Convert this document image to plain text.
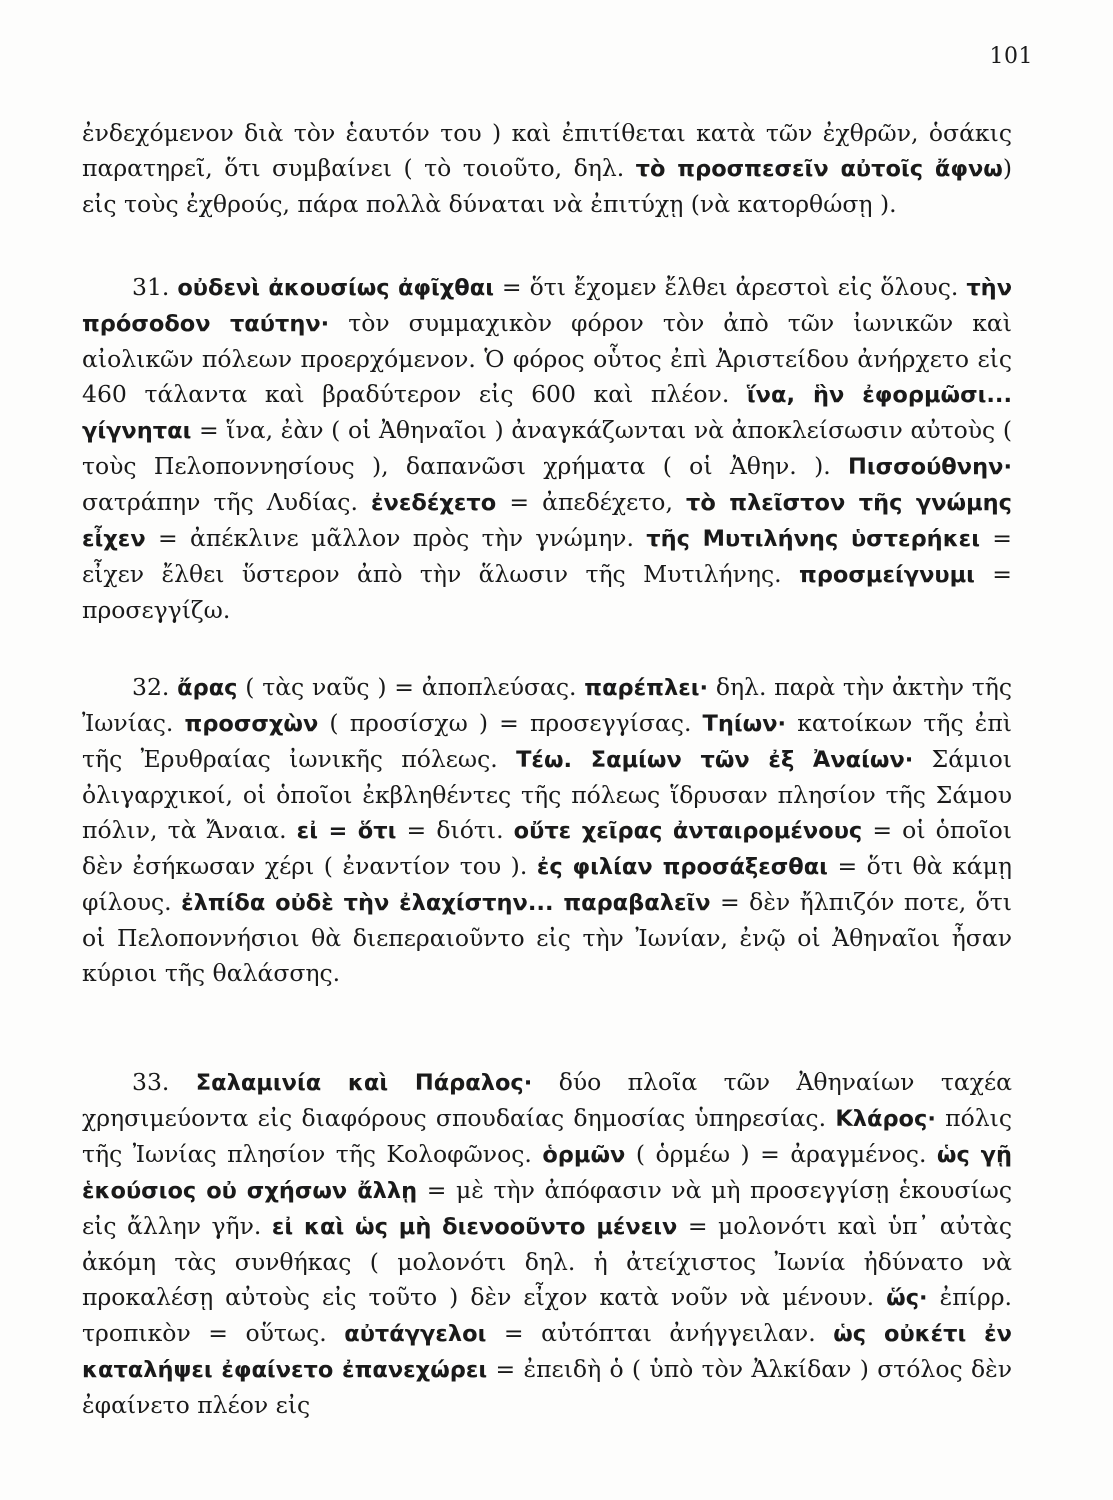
101

ἐνδεχόμενον διὰ τὸν ἑαυτόν του ) καὶ ἐπιτίθεται κατὰ τῶν ἐχθρῶν, ὁσάκις παρατηρεῖ, ὅτι συμβαίνει ( τὸ τοιοῦτο, δηλ. τὸ προσπεσεῖν αὐτοῖς ἄφνω) εἰς τοὺς ἐχθρούς, πάρα πολλὰ δύναται νὰ ἐπιτύχῃ (νὰ κατορθώσῃ ).

31. οὐδενὶ ἀκουσίως ἀφῖχθαι = ὅτι ἔχομεν ἔλθει ἀρεστοὶ εἰς ὅλους. τὴν πρόσοδον ταύτην· τὸν συμμαχικὸν φόρον τὸν ἀπὸ τῶν ἰωνικῶν καὶ αἰολικῶν πόλεων προερχόμενον. Ὁ φόρος οὗτος ἐπὶ Ἀριστείδου ἀνήρχετο εἰς 460 τάλαντα καὶ βραδύτερον εἰς 600 καὶ πλέον. ἵνα, ἣν ἐφορμῶσι... γίγνηται = ἵνα, ἐὰν ( οἱ Ἀθηναῖοι ) ἀναγκάζωνται νὰ ἀποκλείσωσιν αὐτοὺς ( τοὺς Πελοποννησίους ), δαπανῶσι χρήματα ( οἱ Ἀθην. ). Πισσούθνην· σατράπην τῆς Λυδίας. ἐνεδέχετο = ἀπεδέχετο, τὸ πλεῖστον τῆς γνώμης εἶχεν = ἀπέκλινε μᾶλλον πρὸς τὴν γνώμην. τῆς Μυτιλήνης ὑστερήκει = εἶχεν ἔλθει ὕστερον ἀπὸ τὴν ἅλωσιν τῆς Μυτιλήνης. προσμείγνυμι = προσεγγίζω.

32. ἄρας ( τὰς ναῦς ) = ἀποπλεύσας. παρέπλει· δηλ. παρὰ τὴν ἀκτὴν τῆς Ἰωνίας. προσσχὼν ( προσίσχω ) = προσεγγίσας. Τηίων· κατοίκων τῆς ἐπὶ τῆς Ἐρυθραίας ἰωνικῆς πόλεως. Τέω. Σαμίων τῶν ἐξ Ἀναίων· Σάμιοι ὀλιγαρχικοί, οἱ ὁποῖοι ἐκβληθέντες τῆς πόλεως ἵδρυσαν πλησίον τῆς Σάμου πόλιν, τὰ Ἄναια. εἰ = ὅτι = διότι. οὔτε χεῖρας ἀνταιρομένους = οἱ ὁποῖοι δὲν ἐσήκωσαν χέρι ( ἐναντίον του ). ἐς φιλίαν προσάξεσθαι = ὅτι θὰ κάμῃ φίλους. ἐλπίδα οὐδὲ τὴν ἐλαχίστην... παραβαλεῖν = δὲν ἤλπιζόν ποτε, ὅτι οἱ Πελοποννήσιοι θὰ διεπεραιοῦντο εἰς τὴν Ἰωνίαν, ἐνῷ οἱ Ἀθηναῖοι ἦσαν κύριοι τῆς θαλάσσης.

33. Σαλαμινία καὶ Πάραλος· δύο πλοῖα τῶν Ἀθηναίων ταχέα χρησιμεύοντα εἰς διαφόρους σπουδαίας δημοσίας ὑπηρεσίας. Κλάρος· πόλις τῆς Ἰωνίας πλησίον τῆς Κολοφῶνος. ὁρμῶν ( ὁρμέω ) = ἀραγμένος. ὡς γῇ ἑκούσιος οὐ σχήσων ἄλλῃ = μὲ τὴν ἀπόφασιν νὰ μὴ προσεγγίσῃ ἑκουσίως εἰς ἄλλην γῆν. εἰ καὶ ὡς μὴ διενοοῦντο μένειν = μολονότι καὶ ὑπ᾽ αὐτὰς ἀκόμη τὰς συνθήκας ( μολονότι δηλ. ἡ ἀτείχιστος Ἰωνία ἠδύνατο νὰ προκαλέσῃ αὐτοὺς εἰς τοῦτο ) δὲν εἶχον κατὰ νοῦν νὰ μένουν. ὥς· ἐπίρρ. τροπικὸν = οὕτως. αὐτάγγελοι = αὐτόπται ἀνήγγειλαν. ὡς οὐκέτι ἐν καταλήψει ἐφαίνετο ἐπανεχώρει = ἐπειδὴ ὁ ( ὑπὸ τὸν Ἀλκίδαν ) στόλος δὲν ἐφαίνετο πλέον εἰς
